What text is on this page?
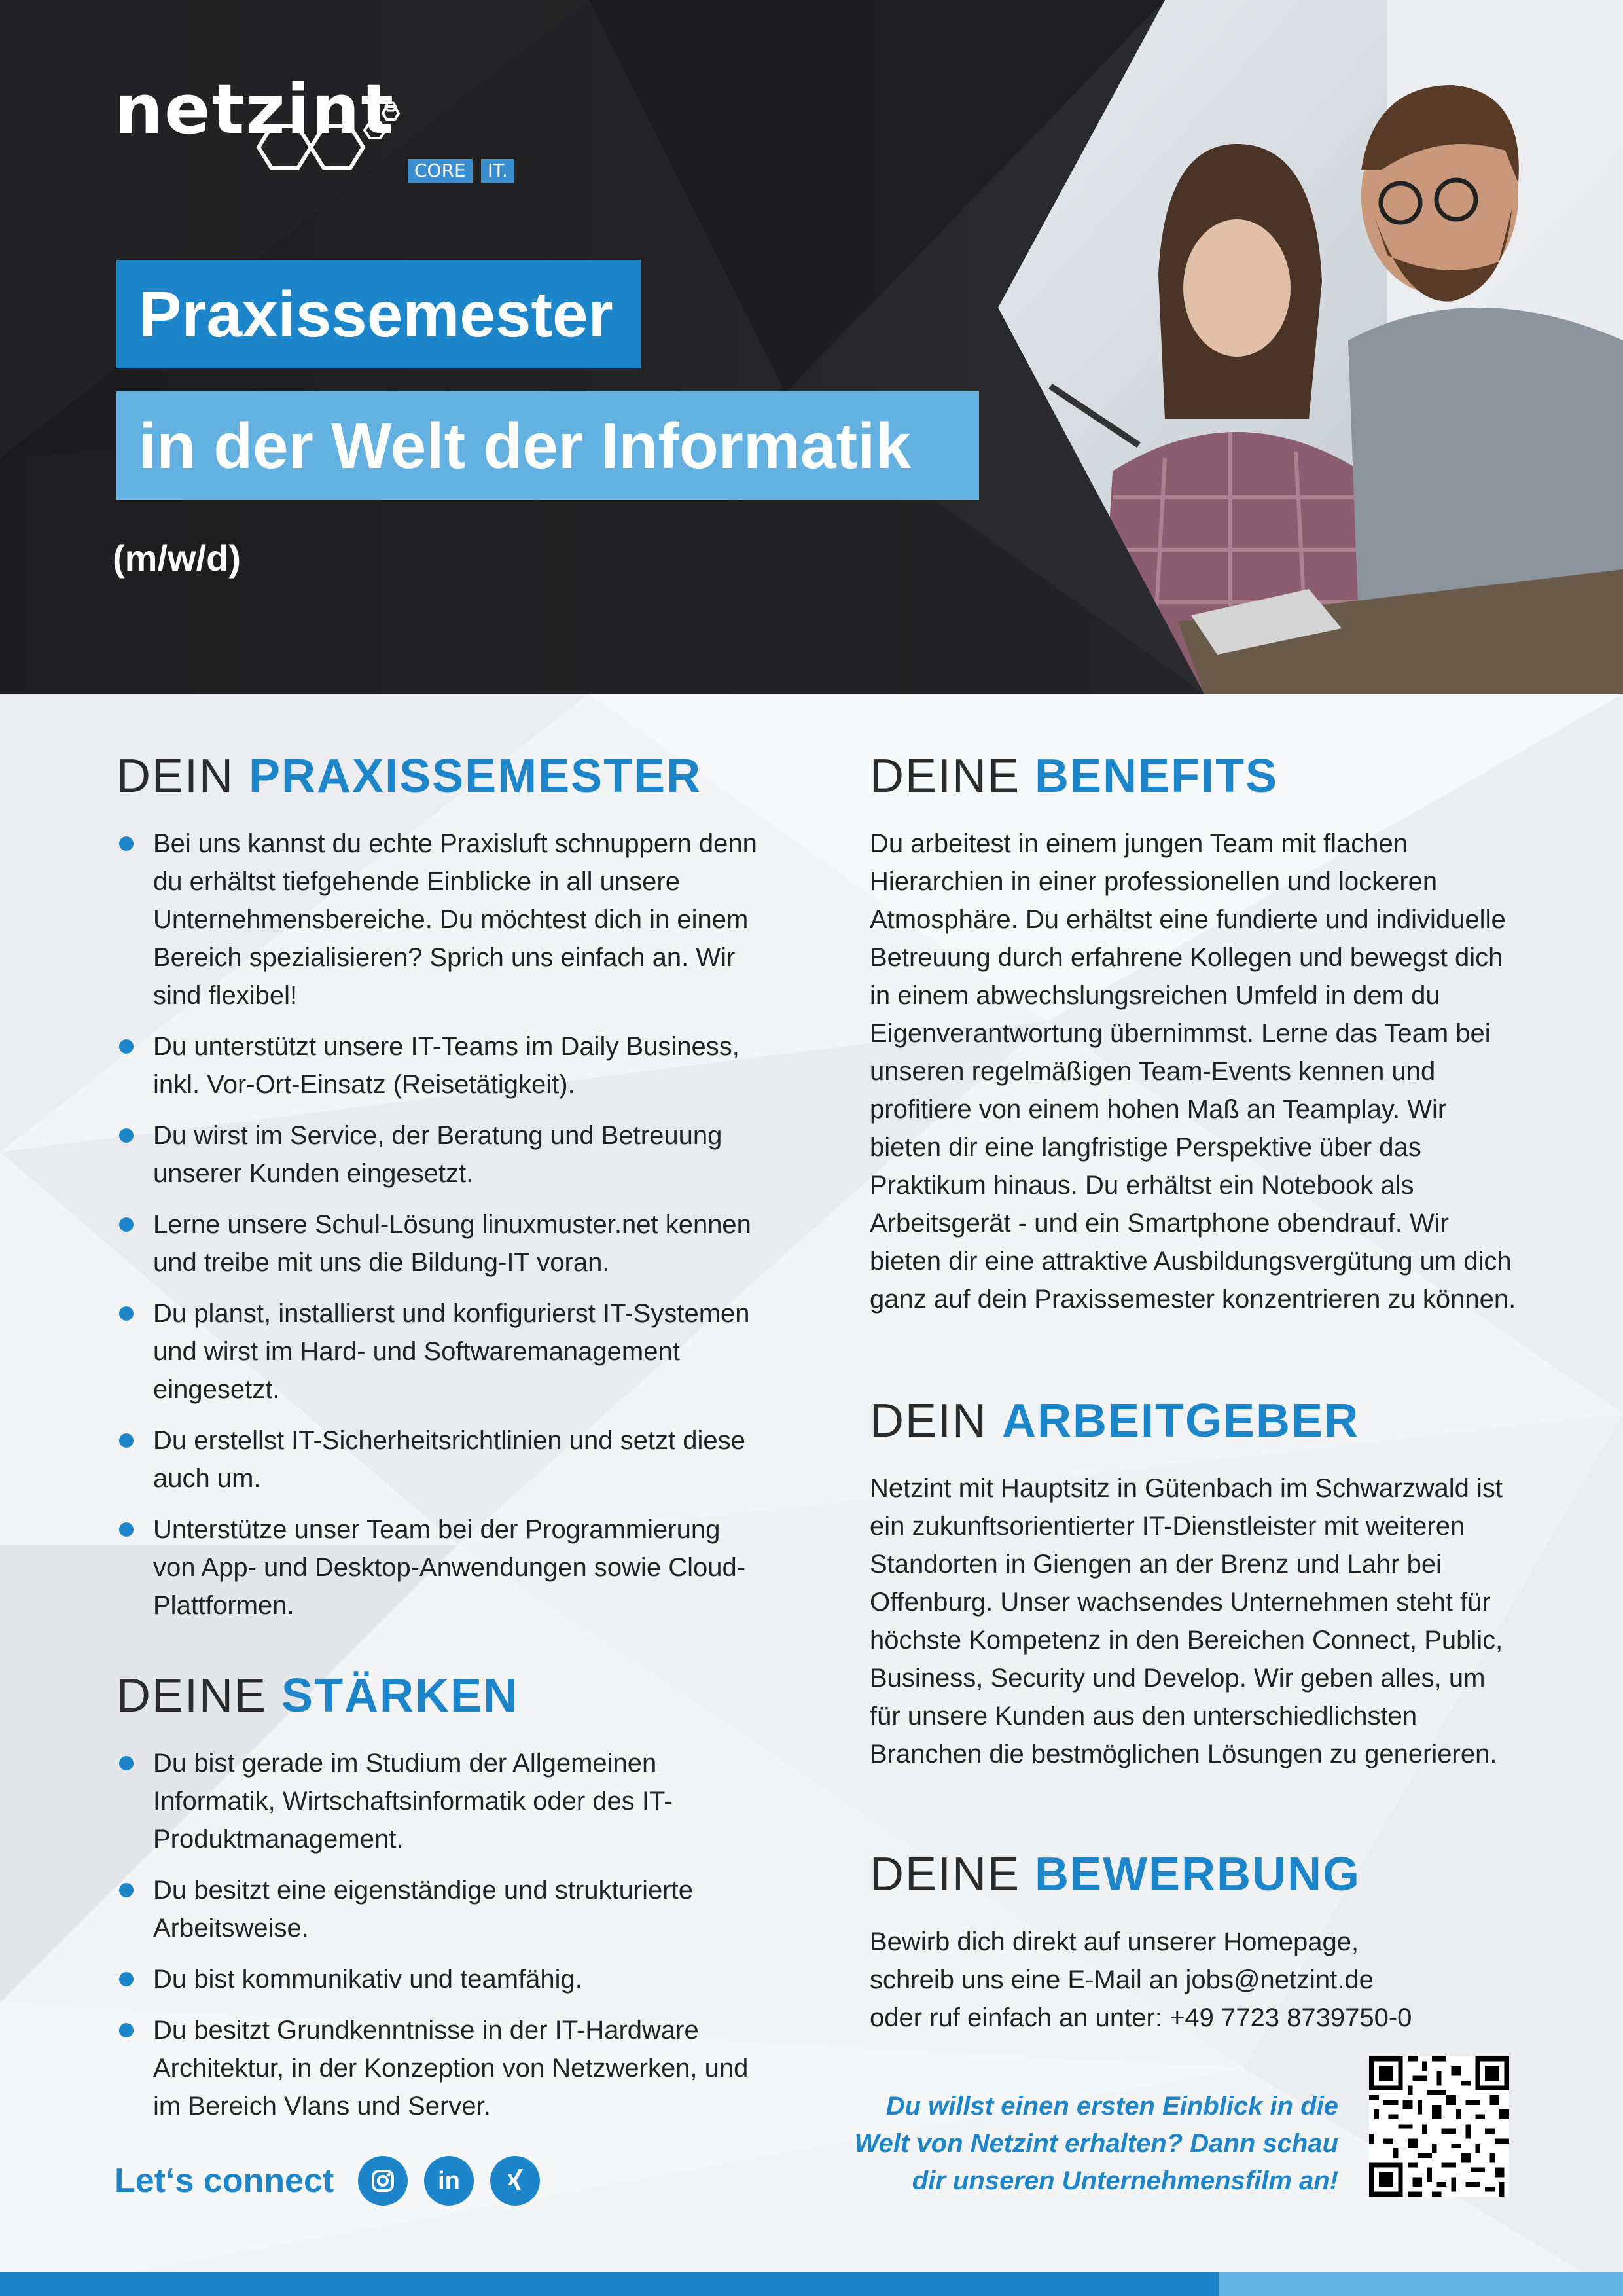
netzint
CORE	IT.
Praxissemester
in der Welt der Informatik
(m/w/d)
DEIN PRAXISSEMESTER
Bei uns kannst du echte Praxisluft schnuppern denn du erhältst tiefgehende Einblicke in all unsere Unternehmensbereiche. Du möchtest dich in einem Bereich spezialisieren? Sprich uns einfach an. Wir sind flexibel!
Du unterstützt unsere IT-Teams im Daily Business, inkl. Vor-Ort-Einsatz (Reisetätigkeit).
Du wirst im Service, der Beratung und Betreuung unserer Kunden eingesetzt.
Lerne unsere Schul-Lösung linuxmuster.net kennen und treibe mit uns die Bildung-IT voran.
Du planst, installierst und konfigurierst IT-Systemen und wirst im Hard- und Softwaremanagement eingesetzt.
Du erstellst IT-Sicherheitsrichtlinien und setzt diese auch um.
Unterstütze unser Team bei der Programmierung von App- und Desktop-Anwendungen sowie Cloud-Plattformen.
DEINE STÄRKEN
Du bist gerade im Studium der Allgemeinen Informatik, Wirtschaftsinformatik oder des IT-Produktmanagement.
Du besitzt eine eigenständige und strukturierte Arbeitsweise.
Du bist kommunikativ und teamfähig.
Du besitzt Grundkenntnisse in der IT-Hardware Architektur, in der Konzeption von Netzwerken, und im Bereich Vlans und Server.
DEINE BENEFITS
Du arbeitest in einem jungen Team mit flachen Hierarchien in einer professionellen und lockeren Atmosphäre. Du erhältst eine fundierte und individuelle Betreuung durch erfahrene Kollegen und bewegst dich in einem abwechslungsreichen Umfeld in dem du Eigenverantwortung übernimmst. Lerne das Team bei unseren regelmäßigen Team-Events kennen und profitiere von einem hohen Maß an Teamplay. Wir bieten dir eine langfristige Perspektive über das Praktikum hinaus. Du erhältst ein Notebook als Arbeitsgerät - und ein Smartphone obendrauf. Wir bieten dir eine attraktive Ausbildungsvergütung um dich ganz auf dein Praxissemester konzentrieren zu können.
DEIN ARBEITGEBER
Netzint mit Hauptsitz in Gütenbach im Schwarzwald ist ein zukunftsorientierter IT-Dienstleister mit weiteren Standorten in Giengen an der Brenz und Lahr bei Offenburg. Unser wachsendes Unternehmen steht für höchste Kompetenz in den Bereichen Connect, Public, Business, Security und Develop. Wir geben alles, um für unsere Kunden aus den unterschiedlichsten Branchen die bestmöglichen Lösungen zu generieren.
DEINE BEWERBUNG
Bewirb dich direkt auf unserer Homepage,
schreib uns eine E-Mail an jobs@netzint.de
oder ruf einfach an unter: +49 7723 8739750-0
Let‘s connect	in
Du willst einen ersten Einblick in die
Welt von Netzint erhalten? Dann schau
dir unseren Unternehmensfilm an!
